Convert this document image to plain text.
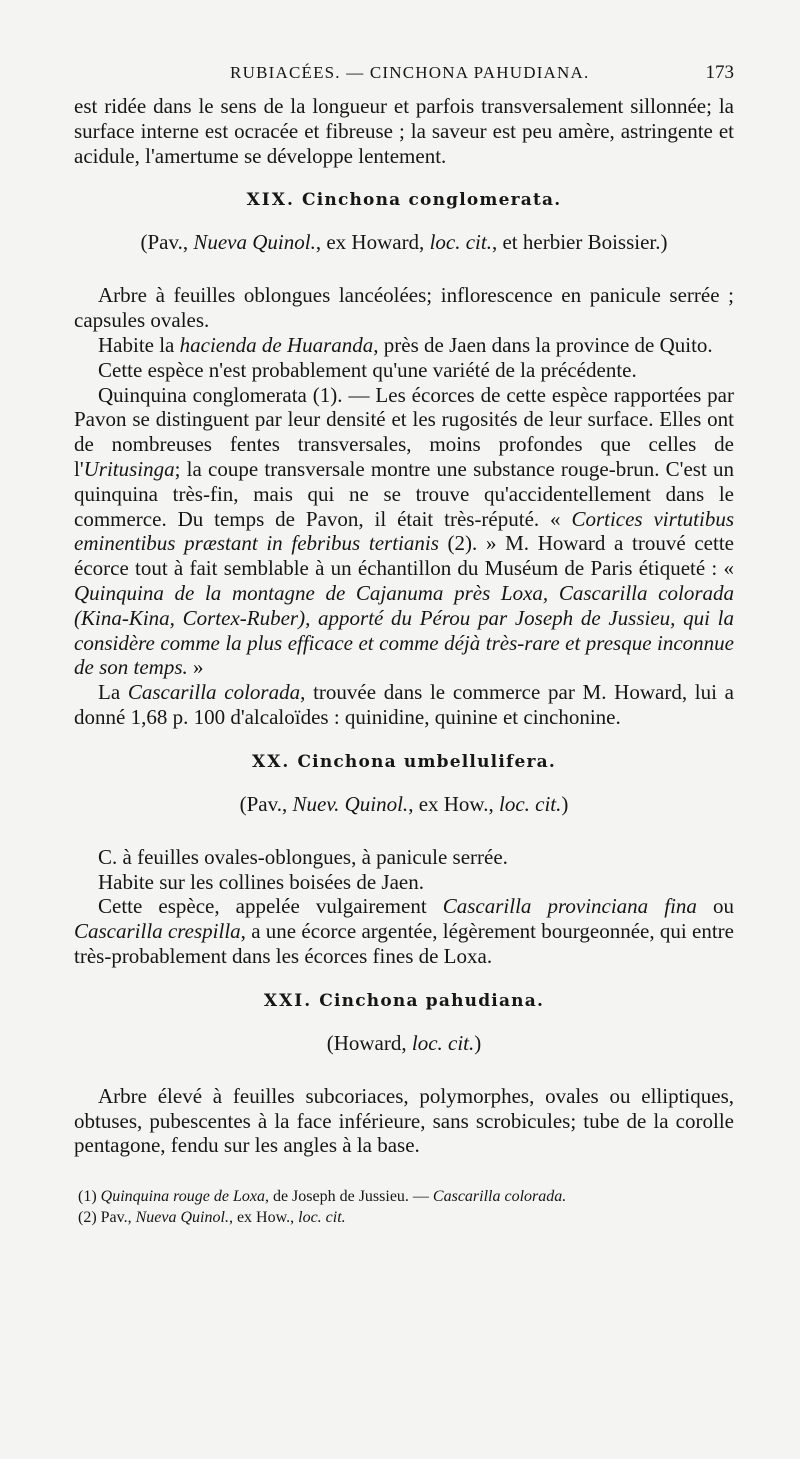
RUBIACÉES. — CINCHONA PAHUDIANA.	173

est ridée dans le sens de la longueur et parfois transversalement sillonnée; la surface interne est ocracée et fibreuse ; la saveur est peu amère, astringente et acidule, l'amertume se développe lentement.

XIX. Cinchona conglomerata.
(Pav., Nueva Quinol., ex Howard, loc. cit., et herbier Boissier.)

Arbre à feuilles oblongues lancéolées; inflorescence en panicule serrée ; capsules ovales.

Habite la hacienda de Huaranda, près de Jaen dans la province de Quito.

Cette espèce n'est probablement qu'une variété de la précédente.

Quinquina conglomerata (1). — Les écorces de cette espèce rapportées par Pavon se distinguent par leur densité et les rugosités de leur surface. Elles ont de nombreuses fentes transversales, moins profondes que celles de l'Uritusinga; la coupe transversale montre une substance rouge-brun. C'est un quinquina très-fin, mais qui ne se trouve qu'accidentellement dans le commerce. Du temps de Pavon, il était très-réputé. « Cortices virtutibus eminentibus præstant in febribus tertianis (2). » M. Howard a trouvé cette écorce tout à fait semblable à un échantillon du Muséum de Paris étiqueté : « Quinquina de la montagne de Cajanuma près Loxa, Cascarilla colorada (Kina-Kina, Cortex-Ruber), apporté du Pérou par Joseph de Jussieu, qui la considère comme la plus efficace et comme déjà très-rare et presque inconnue de son temps. »

La Cascarilla colorada, trouvée dans le commerce par M. Howard, lui a donné 1,68 p. 100 d'alcaloïdes : quinidine, quinine et cinchonine.

XX. Cinchona umbellulifera.
(Pav., Nuev. Quinol., ex How., loc. cit.)

C. à feuilles ovales-oblongues, à panicule serrée.

Habite sur les collines boisées de Jaen.

Cette espèce, appelée vulgairement Cascarilla provinciana fina ou Cascarilla crespilla, a une écorce argentée, légèrement bourgeonnée, qui entre très-probablement dans les écorces fines de Loxa.

XXI. Cinchona pahudiana.
(Howard, loc. cit.)

Arbre élevé à feuilles subcoriaces, polymorphes, ovales ou elliptiques, obtuses, pubescentes à la face inférieure, sans scrobicules; tube de la corolle pentagone, fendu sur les angles à la base.

(1) Quinquina rouge de Loxa, de Joseph de Jussieu. — Cascarilla colorada.
(2) Pav., Nueva Quinol., ex How., loc. cit.
